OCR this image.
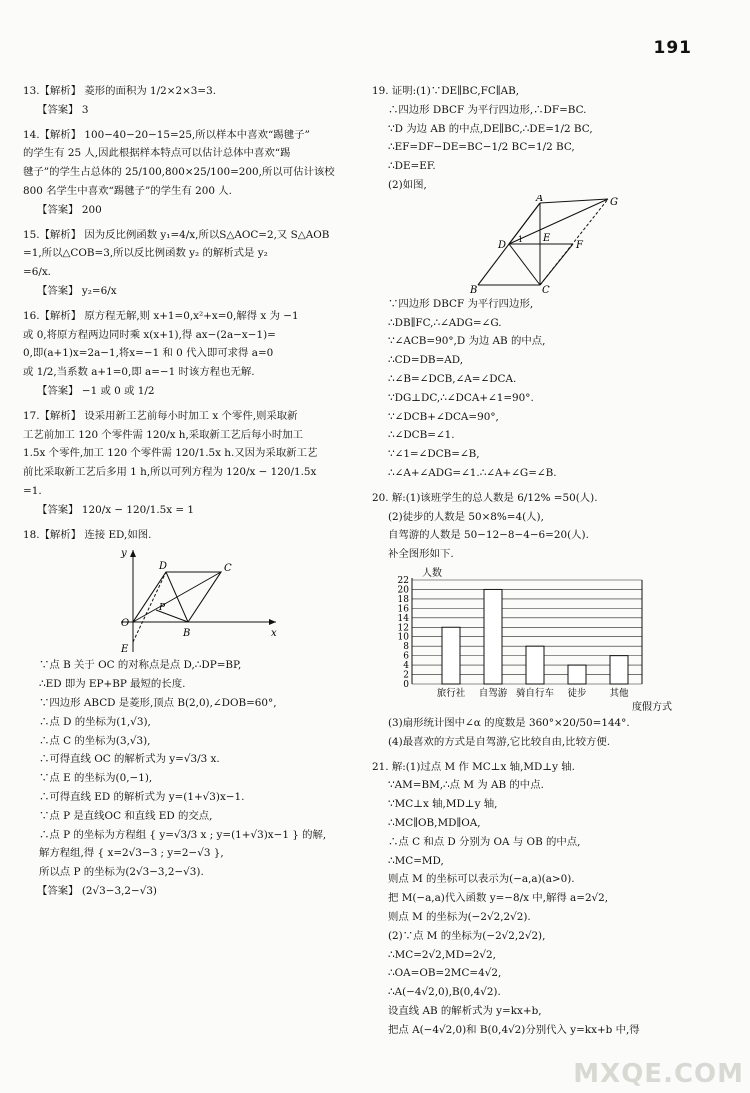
191
13.【解析】 菱形的面积为 1/2×2×3=3.
【答案】 3
14.【解析】 100−40−20−15=25,所以样本中喜欢“踢毽子”
的学生有 25 人,因此根据样本特点可以估计总体中喜欢“踢
毽子”的学生占总体的 25/100,800×25/100=200,所以可估计该校
800 名学生中喜欢“踢毽子”的学生有 200 人.
【答案】 200
15.【解析】 因为反比例函数 y₁=4/x,所以S△AOC=2,又 S△AOB
=1,所以△COB=3,所以反比例函数 y₂ 的解析式是 y₂
=6/x.
【答案】 y₂=6/x
16.【解析】 原方程无解,则 x+1=0,x²+x=0,解得 x 为 −1
或 0,将原方程两边同时乘 x(x+1),得 ax−(2a−x−1)=
0,即(a+1)x=2a−1,将x=−1 和 0 代入即可求得 a=0
或 1/2,当系数 a+1=0,即 a=−1 时该方程也无解.
【答案】 −1 或 0 或 1/2
17.【解析】 设采用新工艺前每小时加工 x 个零件,则采取新
工艺前加工 120 个零件需 120/x h,采取新工艺后每小时加工
1.5x 个零件,加工 120 个零件需 120/1.5x h.又因为采取新工艺
前比采取新工艺后多用 1 h,所以可列方程为 120/x − 120/1.5x
=1.
【答案】 120/x − 120/1.5x = 1
18.【解析】 连接 ED,如图.
y
D	C
P
O
B	x
E
∵点 B 关于 OC 的对称点是点 D,∴DP=BP,
∴ED 即为 EP+BP 最短的长度.
∵四边形 ABCD 是菱形,顶点 B(2,0),∠DOB=60°,
∴点 D 的坐标为(1,√3),
∴点 C 的坐标为(3,√3),
∴可得直线 OC 的解析式为 y=√3/3 x.
∵点 E 的坐标为(0,−1),
∴可得直线 ED 的解析式为 y=(1+√3)x−1.
∵点 P 是直线OC 和直线 ED 的交点,
∴点 P 的坐标为方程组 { y=√3/3 x ; y=(1+√3)x−1 } 的解,
解方程组,得 { x=2√3−3 ; y=2−√3 },
所以点 P 的坐标为(2√3−3,2−√3).
【答案】 (2√3−3,2−√3)
19. 证明:(1)∵DE∥BC,FC∥AB,
∴四边形 DBCF 为平行四边形,∴DF=BC.
∵D 为边 AB 的中点,DE∥BC,∴DE=1/2 BC,
∴EF=DF−DE=BC−1/2 BC=1/2 BC,
∴DE=EF.
(2)如图,
A	G
D
E
F
1
B	C
∵四边形 DBCF 为平行四边形,
∴DB∥FC,∴∠ADG=∠G.
∵∠ACB=90°,D 为边 AB 的中点,
∴CD=DB=AD,
∴∠B=∠DCB,∠A=∠DCA.
∵DG⊥DC,∴∠DCA+∠1=90°.
∵∠DCB+∠DCA=90°,
∴∠DCB=∠1.
∵∠1=∠DCB=∠B,
∴∠A+∠ADG=∠1.∴∠A+∠G=∠B.
20. 解:(1)该班学生的总人数是 6/12% =50(人).
(2)徒步的人数是 50×8%=4(人),
自驾游的人数是 50−12−8−4−6=20(人).
补全图形如下.
0
2
4
6
8
10
12
14
16
18
20
22
旅行社 自驾游 骑自行车 徒步 其他
人数
度假方式
(3)扇形统计图中∠α 的度数是 360°×20/50=144°.
(4)最喜欢的方式是自驾游,它比较自由,比较方便.
21. 解:(1)过点 M 作 MC⊥x 轴,MD⊥y 轴.
∵AM=BM,∴点 M 为 AB 的中点.
∵MC⊥x 轴,MD⊥y 轴,
∴MC∥OB,MD∥OA,
∴点 C 和点 D 分别为 OA 与 OB 的中点,
∴MC=MD,
则点 M 的坐标可以表示为(−a,a)(a>0).
把 M(−a,a)代入函数 y=−8/x 中,解得 a=2√2,
则点 M 的坐标为(−2√2,2√2).
(2)∵点 M 的坐标为(−2√2,2√2),
∴MC=2√2,MD=2√2,
∴OA=OB=2MC=4√2,
∴A(−4√2,0),B(0,4√2).
设直线 AB 的解析式为 y=kx+b,
把点 A(−4√2,0)和 B(0,4√2)分别代入 y=kx+b 中,得
MXQE.COM
